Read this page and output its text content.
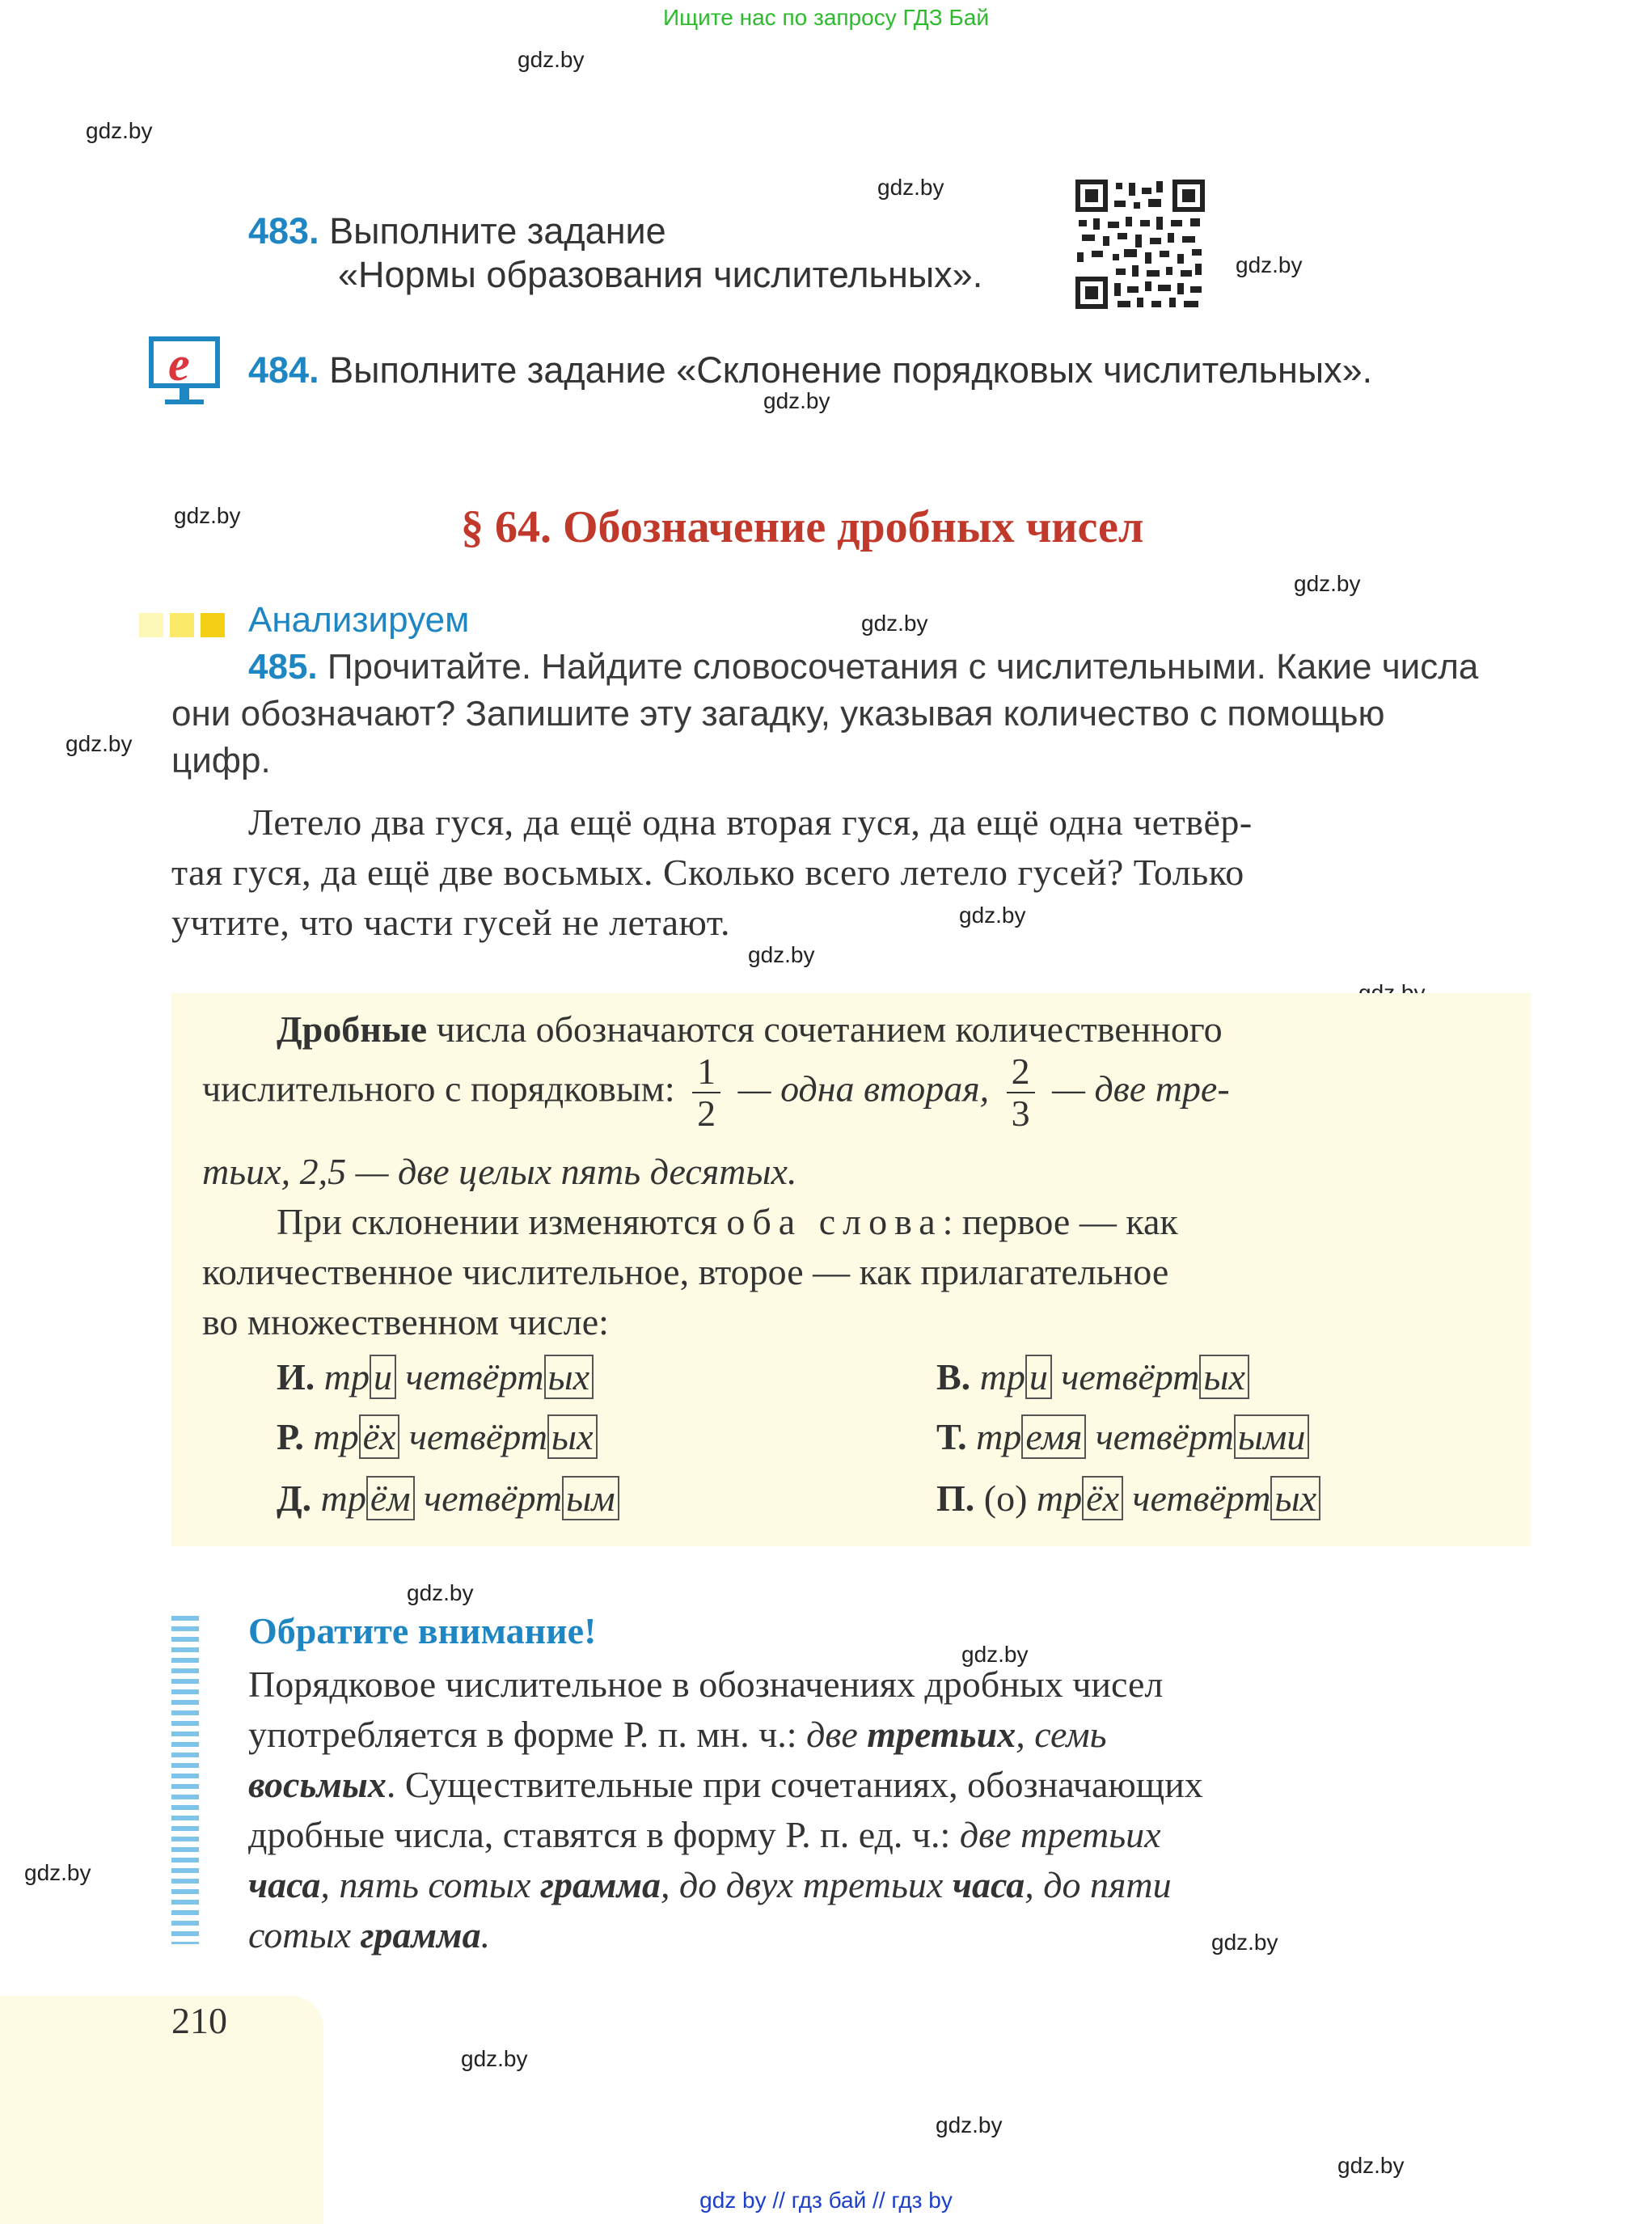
Ищите нас по запросу ГДЗ Бай
gdz.by
gdz.by
gdz.by
gdz.by
gdz.by
gdz.by
gdz.by
gdz.by
gdz.by
gdz.by
gdz.by
gdz.by
gdz.by
gdz.by
gdz.by
gdz.by
gdz.by
gdz.by
483. Выполните задание
«Нормы образования числительных».
e 484. Выполните задание «Склонение порядковых числительных».
§ 64. Обозначение дробных чисел
Анализируем
485. Прочитайте. Найдите словосочетания с числительными. Какие числа
они обозначают? Запишите эту загадку, указывая количество с помощью
цифр.
Летело два гуся, да ещё одна вторая гуся, да ещё одна четвёр-
тая гуся, да ещё две восьмых. Сколько всего летело гусей? Только
учтите, что части гусей не летают.
Дробные числа обозначаются сочетанием количественного
числительного с порядковым: $\frac{1}{2}$ — одна вторая, $\frac{2}{3}$ — две тре-
тьих, 2,5 — две целых пять десятых.
При склонении изменяются оба слова: первое — как
количественное числительное, второе — как прилагательное
во множественном числе:
И. тр и четвёрт ых
Р. тр ёх четвёрт ых
Д. тр ём четвёрт ым
В. тр и четвёрт ых
Т. тр емя четвёрт ыми
П. (о) тр ёх четвёрт ых
Обратите внимание!
Порядковое числительное в обозначениях дробных чисел
употребляется в форме Р. п. мн. ч.: две третьих, семь
восьмых. Существительные при сочетаниях, обозначающих
дробные числа, ставятся в форму Р. п. ед. ч.: две третьих
часа, пять сотых грамма, до двух третьих часа, до пяти
сотых грамма.
210
gdz by // гдз бай // гдз by
